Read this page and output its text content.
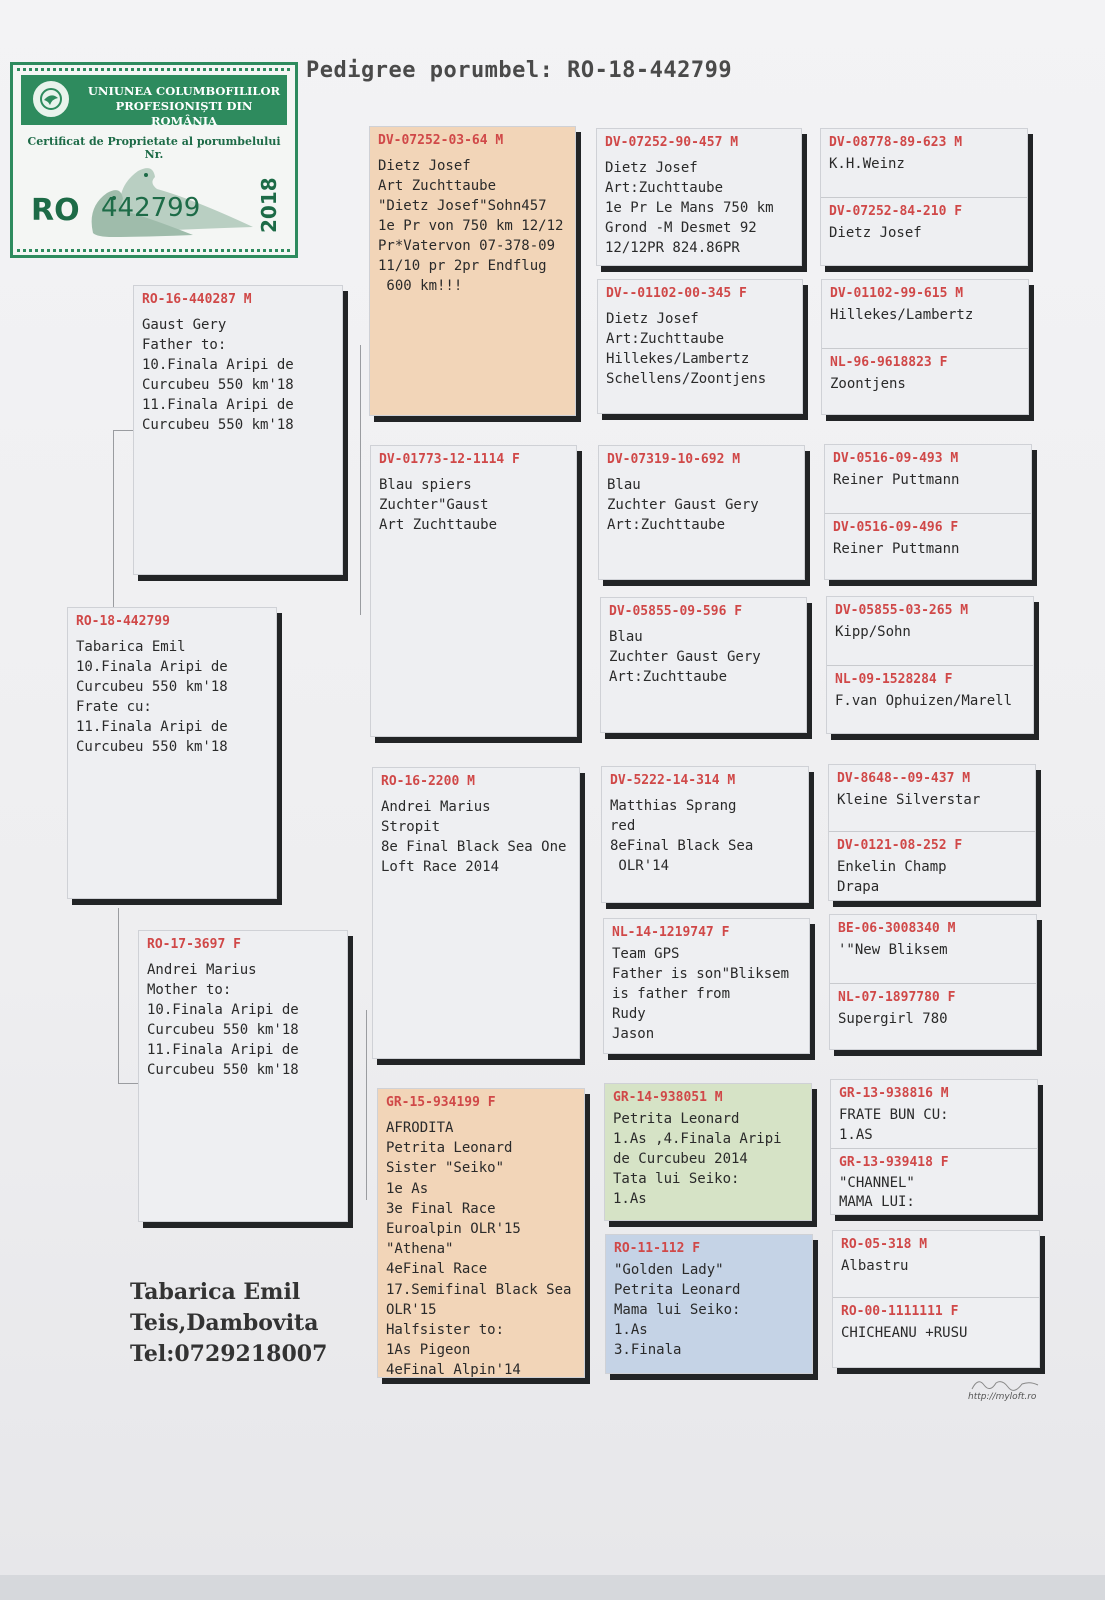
Pedigree porumbel: RO-18-442799
UNIUNEA COLUMBOFILILOR
PROFESIONIȘTI DIN ROMÂNIA
Certificat de Proprietate al porumbelului Nr.
RO 442799	2018
RO-18-442799
Tabarica Emil
10.Finala Aripi de
Curcubeu 550 km'18
Frate cu:
11.Finala Aripi de
Curcubeu 550 km'18
RO-16-440287 M
Gaust Gery
Father to:
10.Finala Aripi de
Curcubeu 550 km'18
11.Finala Aripi de
Curcubeu 550 km'18
RO-17-3697 F
Andrei Marius
Mother to:
10.Finala Aripi de
Curcubeu 550 km'18
11.Finala Aripi de
Curcubeu 550 km'18
DV-07252-03-64 M
Dietz Josef
Art Zuchttaube
"Dietz Josef"Sohn457
1e Pr von 750 km 12/12
Pr*Vatervon 07-378-09
11/10 pr 2pr Endflug
600 km!!!
DV-01773-12-1114 F
Blau spiers
Zuchter"Gaust
Art Zuchttaube
RO-16-2200 M
Andrei Marius
Stropit
8e Final Black Sea One
Loft Race 2014
GR-15-934199 F
AFRODITA
Petrita Leonard
Sister "Seiko"
1e As
3e Final Race
Euroalpin OLR'15
"Athena"
4eFinal Race
17.Semifinal Black Sea
OLR'15
Halfsister to:
1As Pigeon
4eFinal Alpin'14
DV-07252-90-457 M
Dietz Josef
Art:Zuchttaube
1e Pr Le Mans 750 km
Grond -M Desmet 92
12/12PR 824.86PR
DV--01102-00-345 F
Dietz Josef
Art:Zuchttaube
Hillekes/Lambertz
Schellens/Zoontjens
DV-07319-10-692 M
Blau
Zuchter Gaust Gery
Art:Zuchttaube
DV-05855-09-596 F
Blau
Zuchter Gaust Gery
Art:Zuchttaube
DV-5222-14-314 M
Matthias Sprang
red
8eFinal Black Sea
OLR'14
NL-14-1219747 F
Team GPS
Father is son"Bliksem
is father from
Rudy
Jason
GR-14-938051 M
Petrita Leonard
1.As ,4.Finala Aripi
de Curcubeu 2014
Tata lui Seiko:
1.As
RO-11-112 F
"Golden Lady"
Petrita Leonard
Mama lui Seiko:
1.As
3.Finala
DV-08778-89-623 M
K.H.Weinz
DV-07252-84-210 F
Dietz Josef
DV-01102-99-615 M
Hillekes/Lambertz
NL-96-9618823 F
Zoontjens
DV-0516-09-493 M
Reiner Puttmann
DV-0516-09-496 F
Reiner Puttmann
DV-05855-03-265 M
Kipp/Sohn
NL-09-1528284 F
F.van Ophuizen/Marell
DV-8648--09-437 M
Kleine Silverstar
DV-0121-08-252 F
Enkelin Champ
Drapa
BE-06-3008340 M
'"New Bliksem
NL-07-1897780 F
Supergirl 780
GR-13-938816 M
FRATE BUN CU:
1.AS
GR-13-939418 F
"CHANNEL"
MAMA LUI:
RO-05-318 M
Albastru
RO-00-1111111 F
CHICHEANU +RUSU
Tabarica Emil
Teis,Dambovita
Tel:0729218007
http://myloft.ro
